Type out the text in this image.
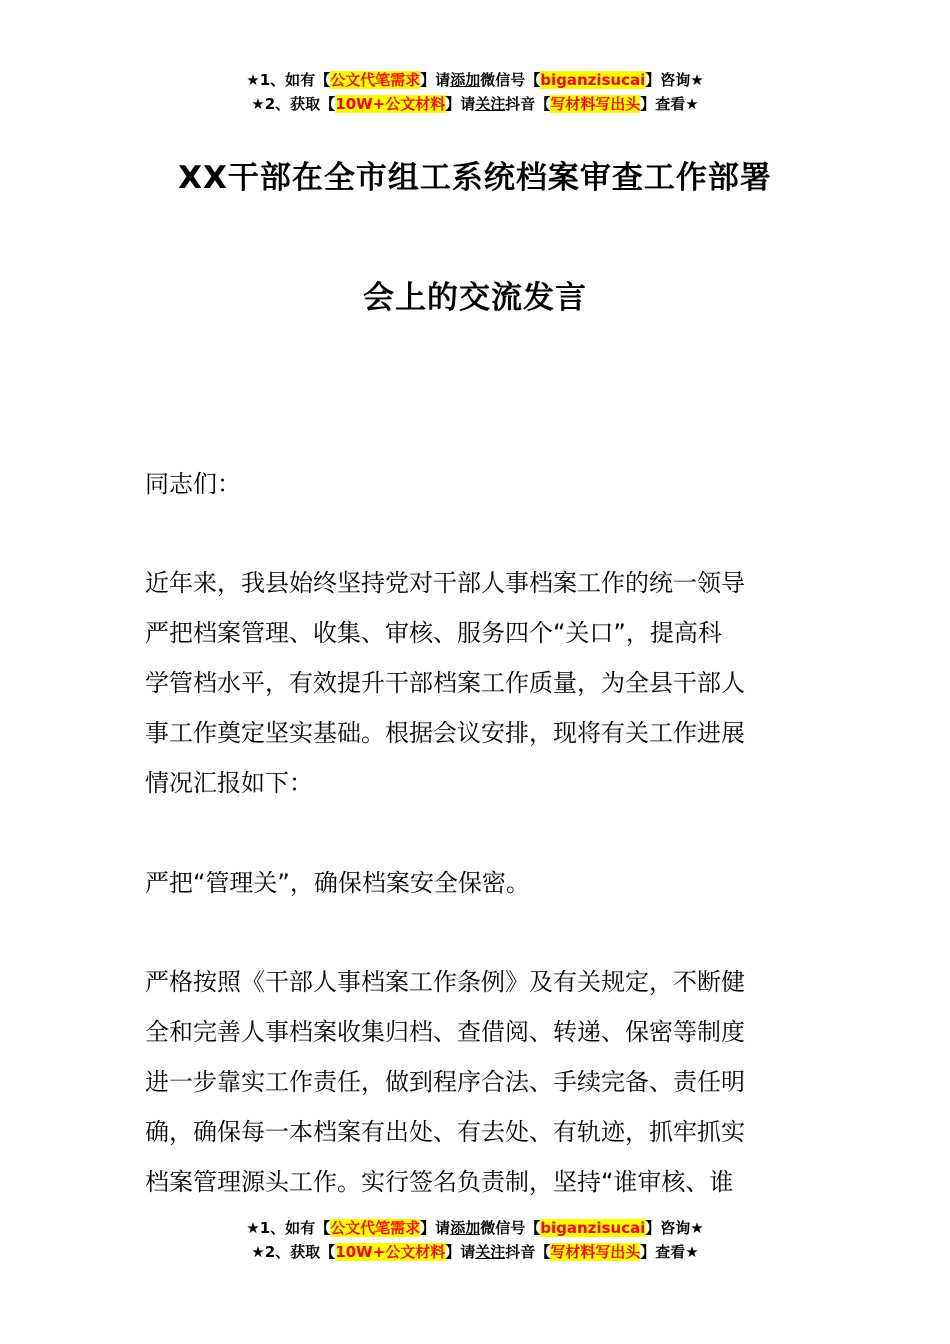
★1、如有【公文代笔需求】请添加微信号【biganzisucai】咨询★
★2、获取【10W+公文材料】请关注抖音【写材料写出头】查看★
XX干部在全市组工系统档案审查工作部署
会上的交流发言
同志们：
近年来，我县始终坚持党对干部人事档案工作的统一领导
严把档案管理、收集、审核、服务四个“关口”，提高科
学管档水平，有效提升干部档案工作质量，为全县干部人
事工作奠定坚实基础。根据会议安排，现将有关工作进展
情况汇报如下：
严把“管理关”，确保档案安全保密。
严格按照《干部人事档案工作条例》及有关规定，不断健
全和完善人事档案收集归档、查借阅、转递、保密等制度
进一步靠实工作责任，做到程序合法、手续完备、责任明
确，确保每一本档案有出处、有去处、有轨迹，抓牢抓实
档案管理源头工作。实行签名负责制，坚持“谁审核、谁
★1、如有【公文代笔需求】请添加微信号【biganzisucai】咨询★
★2、获取【10W+公文材料】请关注抖音【写材料写出头】查看★
